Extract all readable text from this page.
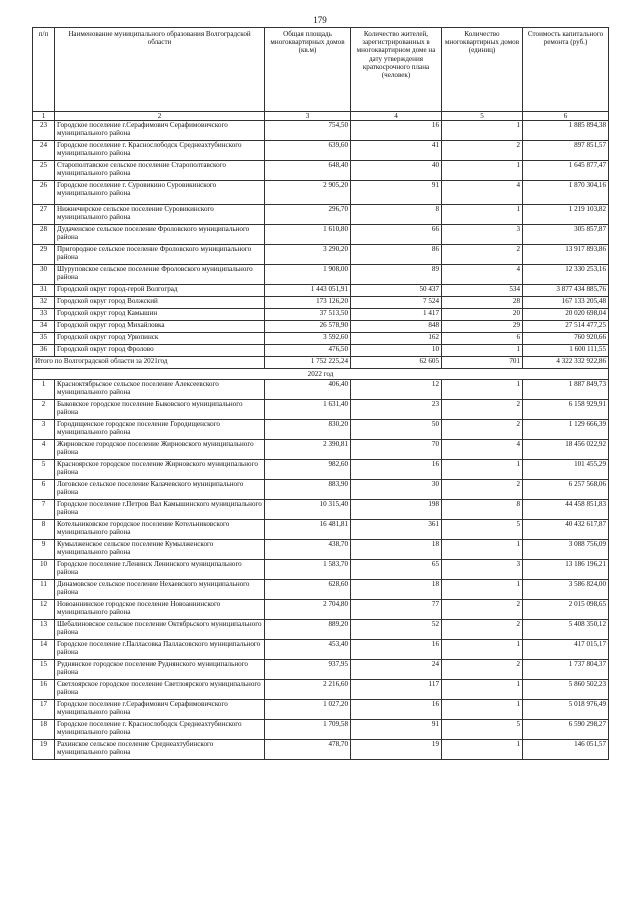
179
п/п	Наименование муниципального образования Волгоградской области	Общая площадь многоквартирных домов (кв.м)	Количество жителей, зарегистрированных в многоквартирном доме на дату утверждения краткосрочного плана (человек)	Количество многоквартирных домов (единиц)	Стоимость капитального ремонта (руб.)
1	2	3	4	5	6
23	Городское поселение г.Серафимович Серафимовичского муниципального района	754,50	16	1	1 885 894,38
24	Городское поселение г. Краснослободск Среднеахтубинского муниципального района	639,60	41	2	897 851,57
25	Старополтавское сельское поселение Старополтавского муниципального района	648,40	40	1	1 645 877,47
26	Городское поселение г. Суровикино Суровикинского муниципального района	2 905,20	91	4	1 870 304,16
27	Нижнечирское сельское поселение Суровикинского муниципального района	296,70	8	1	1 219 103,82
28	Дудаченское сельское поселение Фроловского муниципального района	1 610,80	66	3	305 857,87
29	Пригородное сельское поселение Фроловского муниципального района	3 290,20	86	2	13 917 893,86
30	Шуруповское сельское поселение Фроловского муниципального района	1 908,00	89	4	12 330 253,16
31	Городской округ город-герой Волгоград	1 443 051,91	50 437	534	3 877 434 885,76
32	Городской округ город Волжский	173 126,20	7 524	28	167 133 205,48
33	Городской округ город Камышин	37 513,50	1 417	20	20 020 698,04
34	Городской округ город Михайловка	26 578,90	848	29	27 514 477,25
35	Городской округ город Урюпинск	3 592,60	162	6	760 920,66
36	Городской округ город Фролово	476,50	10	1	1 600 111,55
Итого по Волгоградской области за 2021год		1 752 225,24	62 605	701	4 322 332 922,86
2022 год					
1	Красноктябрьское сельское поселение Алексеевского муниципального района	406,40	12	1	1 887 849,73
2	Быковское городское поселение Быковского муниципального района	1 631,40	23	2	6 158 929,91
3	Городищенское городское поселение Городищенского муниципального района	830,20	50	2	1 129 666,39
4	Жирновское городское поселение Жирновского муниципального района	2 390,81	70	4	18 456 022,92
5	Красноярское городское поселение Жирновского муниципального района	982,60	16	1	101 455,29
6	Логовское сельское поселение Калачевского муниципального района	883,90	30	2	6 257 568,06
7	Городское поселение г.Петров Вал Камышинского муниципального района	10 315,40	198	8	44 458 851,83
8	Котельниковское городское поселение Котельниковского муниципального района	16 481,81	361	5	40 432 617,87
9	Кумылженское сельское поселение Кумылженского муниципального района	438,70	18	1	3 088 756,09
10	Городское поселение г.Ленинск Ленинского муниципального района	1 583,70	65	3	13 186 196,21
11	Динамовское сельское поселение Нехаевского муниципального района	628,60	18	1	3 586 824,00
12	Новоаннинское городское поселение Новоаннинского муниципального района	2 704,80	77	2	2 015 098,65
13	Шебалиновское сельское поселение Октябрьского муниципального района	889,20	52	2	5 408 350,12
14	Городское поселение г.Палласовка Палласовского муниципального района	453,40	16	1	417 015,17
15	Руднянское городское поселение Руднянского муниципального района	937,95	24	2	1 737 804,37
16	Светлоярское городское поселение Светлоярского муниципального района	2 216,60	117	1	5 860 502,23
17	Городское поселение г.Серафимович Серафимовичского муниципального района	1 027,20	16	1	5 018 976,49
18	Городское поселение г. Краснослободск Среднеахтубинского муниципального района	1 709,58	91	5	6 590 298,27
19	Рахинское сельское поселение Среднеахтубинского муниципального района	478,70	19	1	146 051,57
